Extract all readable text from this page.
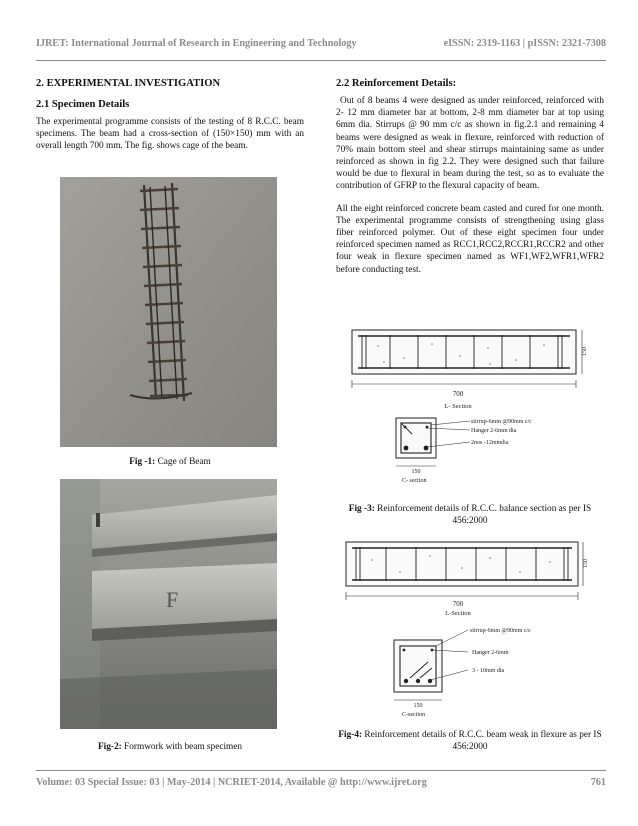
IJRET: International Journal of Research in Engineering and Technology	eISSN: 2319-1163 | pISSN: 2321-7308
2. EXPERIMENTAL INVESTIGATION
2.1 Specimen Details

The experimental programme consists of the testing of 8 R.C.C. beam specimens. The beam had a cross-section of (150×150) mm with an overall length 700 mm. The fig. shows cage of the beam.

Fig -1: Cage of Beam
F
Fig-2: Formwork with beam specimen
2.2 Reinforcement Details:

Out of 8 beams 4 were designed as under reinforced, reinforced with 2- 12 mm diameter bar at bottom, 2-8 mm diameter bar at top using 6mm dia. Stirrups @ 90 mm c/c as shown in fig.2.1 and remaining 4 beams were designed as weak in flexure, reinforced with reduction of 70% main bottom steel and shear stirrups maintaining same as under reinforced as shown in fig 2.2. They were designed such that failure would be due to flexural in beam during the test, so as to evaluate the contribution of GFRP to the flexural capacity of beam.

All the eight reinforced concrete beam casted and cured for one month. The experimental programme consists of strengthening using glass fiber reinforced polymer. Out of these eight specimen four under reinforced specimen named as RCC1,RCC2,RCCR1,RCCR2 and other four weak in flexure specimen named as WF1,WF2,WFR1,WFR2 before conducting test.

700
150
L- Section
stirrup-6mm @90mm c/c
Hanger 2-6mm dia
2nos -12mmdia
150
C- section
Fig -3: Reinforcement details of R.C.C. balance section as per IS 456:2000
700
150
L-Section
stirrup-6mm @90mm c/c
Hanger 2-6mm
3 - 10mm dia
150
C-section
Fig-4: Reinforcement details of R.C.C. beam weak in flexure as per IS 456:2000
Volume: 03 Special Issue: 03 | May-2014 | NCRIET-2014, Available @ http://www.ijret.org	761
